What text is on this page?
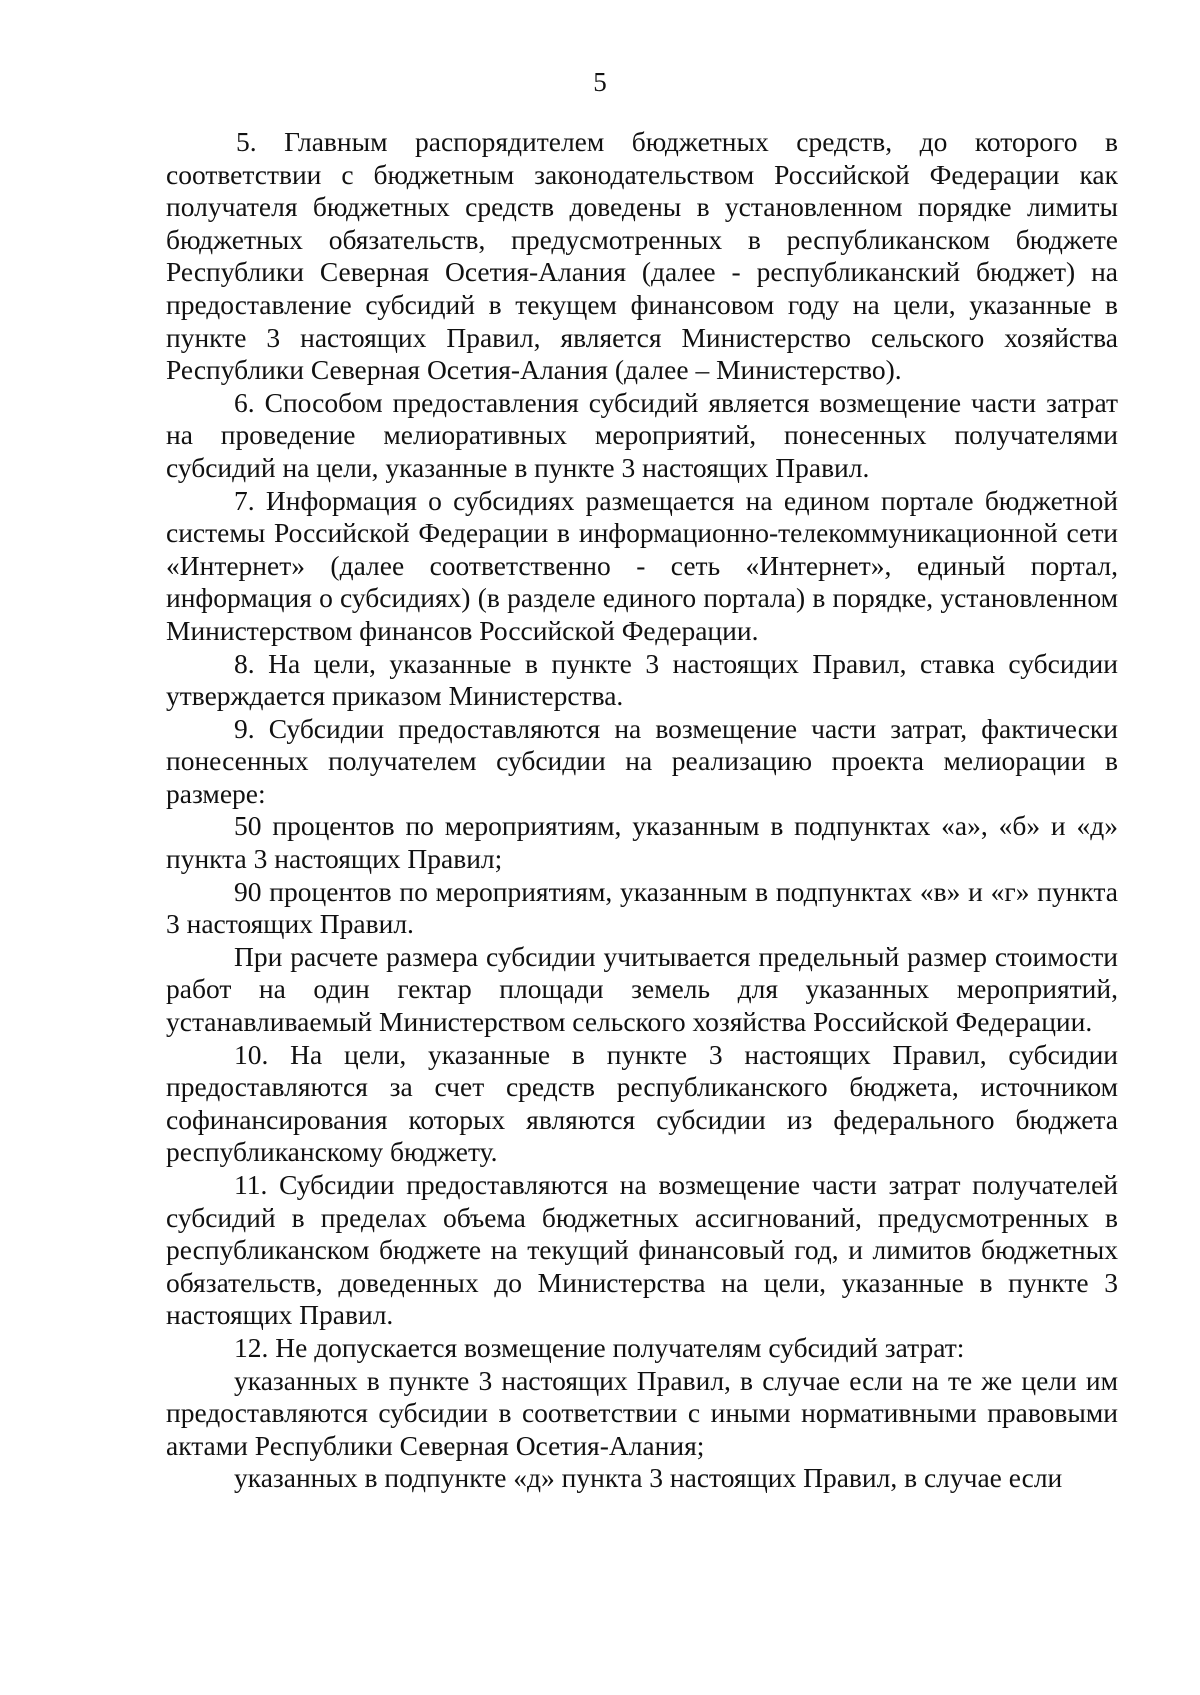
5

5. Главным распорядителем бюджетных средств, до которого в соответствии с бюджетным законодательством Российской Федерации как получателя бюджетных средств доведены в установленном порядке лимиты бюджетных обязательств, предусмотренных в республиканском бюджете Республики Северная Осетия-Алания (далее - республиканский бюджет) на предоставление субсидий в текущем финансовом году на цели, указанные в пункте 3 настоящих Правил, является Министерство сельского хозяйства Республики Северная Осетия-Алания (далее – Министерство).

6. Способом предоставления субсидий является возмещение части затрат на проведение мелиоративных мероприятий, понесенных получателями субсидий на цели, указанные в пункте 3 настоящих Правил.

7. Информация о субсидиях размещается на едином портале бюджетной системы Российской Федерации в информационно-телекоммуникационной сети «Интернет» (далее соответственно - сеть «Интернет», единый портал, информация о субсидиях) (в разделе единого портала) в порядке, установленном Министерством финансов Российской Федерации.

8. На цели, указанные в пункте 3 настоящих Правил, ставка субсидии утверждается приказом Министерства.

9. Субсидии предоставляются на возмещение части затрат, фактически понесенных получателем субсидии на реализацию проекта мелиорации в размере:

50 процентов по мероприятиям, указанным в подпунктах «а», «б» и «д» пункта 3 настоящих Правил;

90 процентов по мероприятиям, указанным в подпунктах «в» и «г» пункта 3 настоящих Правил.

При расчете размера субсидии учитывается предельный размер стоимости работ на один гектар площади земель для указанных мероприятий, устанавливаемый Министерством сельского хозяйства Российской Федерации.

10. На цели, указанные в пункте 3 настоящих Правил, субсидии предоставляются за счет средств республиканского бюджета, источником софинансирования которых являются субсидии из федерального бюджета республиканскому бюджету.

11. Субсидии предоставляются на возмещение части затрат получателей субсидий в пределах объема бюджетных ассигнований, предусмотренных в республиканском бюджете на текущий финансовый год, и лимитов бюджетных обязательств, доведенных до Министерства на цели, указанные в пункте 3 настоящих Правил.

12. Не допускается возмещение получателям субсидий затрат:

указанных в пункте 3 настоящих Правил, в случае если на те же цели им предоставляются субсидии в соответствии с иными нормативными правовыми актами Республики Северная Осетия-Алания;

указанных в подпункте «д» пункта 3 настоящих Правил, в случае если
